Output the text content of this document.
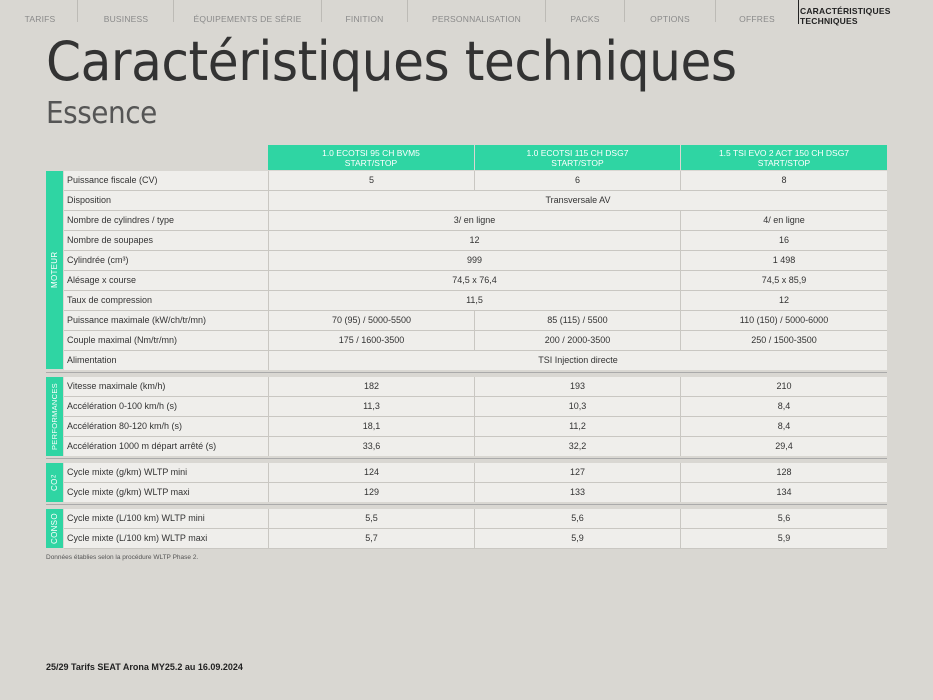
TARIFS	BUSINESS	ÉQUIPEMENTS DE SÉRIE	FINITION	PERSONNALISATION	PACKS	OPTIONS	OFFRES
CARACTÉRISTIQUES
TECHNIQUES
Caractéristiques techniques
Essence
1.0 ECOTSI 95 CH BVM5
START/STOP
1.0 ECOTSI 115 CH DSG7
START/STOP
1.5 TSI EVO 2 ACT 150 CH DSG7
START/STOP
MOTEUR
Puissance fiscale (CV)	5	6	8
Disposition	Transversale AV
Nombre de cylindres / type	3/ en ligne	4/ en ligne
Nombre de soupapes	12	16
Cylindrée (cm³)	999	1 498
Alésage x course	74,5 x 76,4	74,5 x 85,9
Taux de compression	11,5	12
Puissance maximale (kW/ch/tr/mn)	70 (95) / 5000-5500	85 (115) / 5500	110 (150) / 5000-6000
Couple maximal (Nm/tr/mn)	175 / 1600-3500	200 / 2000-3500	250 / 1500-3500
Alimentation	TSI Injection directe
PERFORMANCES Vitesse maximale (km/h)	182	193	210
Accélération 0-100 km/h (s)	11,3	10,3	8,4
Accélération 80-120 km/h (s)	18,1	11,2	8,4
Accélération 1000 m départ arrêté (s)	33,6	32,2	29,4
CO
2	Cycle mixte (g/km) WLTP mini	124	127	128
Cycle mixte (g/km) WLTP maxi	129	133	134
CONSO Cycle mixte (L/100 km) WLTP mini	5,5	5,6	5,6
Cycle mixte (L/100 km) WLTP maxi	5,7	5,9	5,9
Données établies selon la procédure WLTP Phase 2.
25/29 Tarifs SEAT Arona MY25.2 au 16.09.2024
